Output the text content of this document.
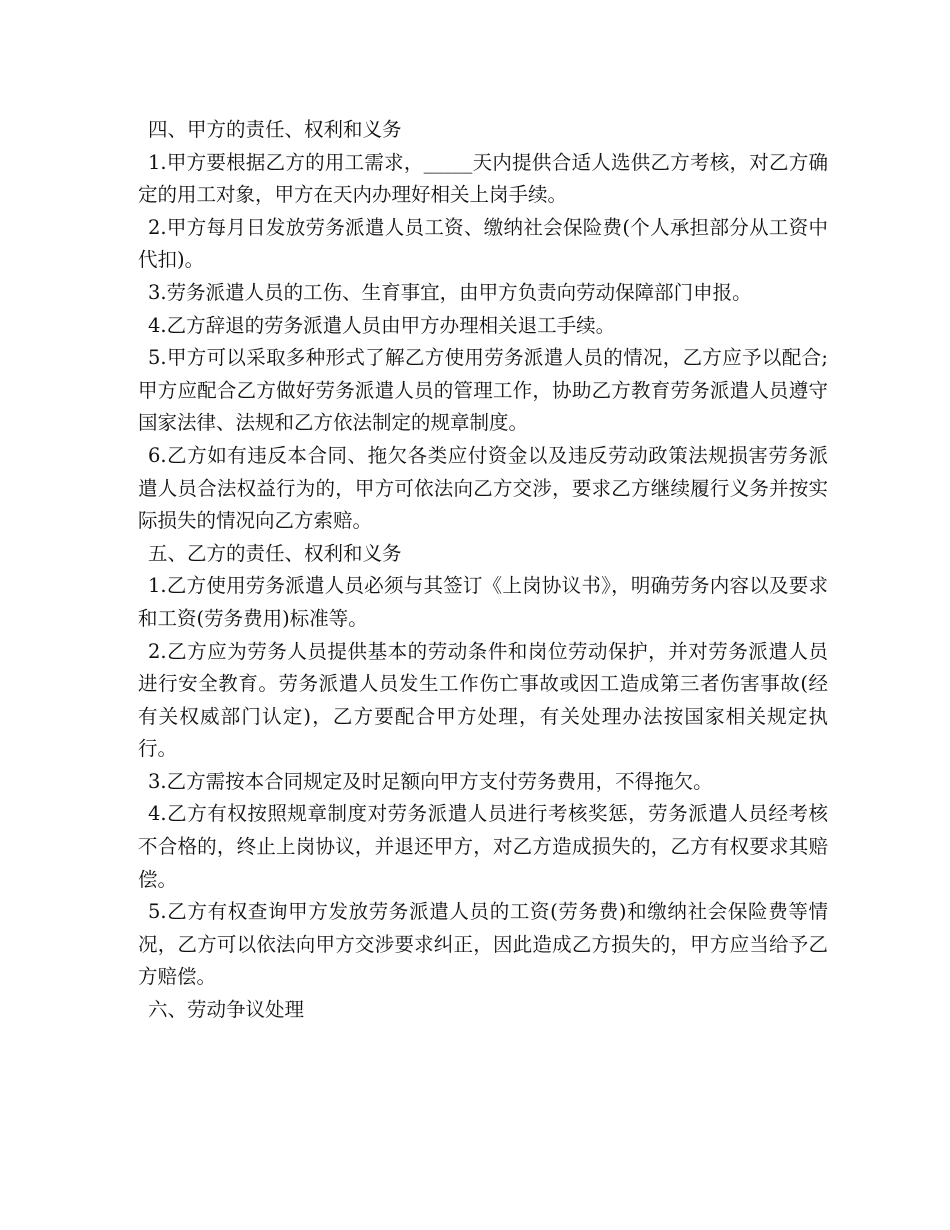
四、甲方的责任、权利和义务

1.甲方要根据乙方的用工需求，_____天内提供合适人选供乙方考核，对乙方确定的用工对象，甲方在天内办理好相关上岗手续。

2.甲方每月日发放劳务派遣人员工资、缴纳社会保险费(个人承担部分从工资中代扣)。

3.劳务派遣人员的工伤、生育事宜，由甲方负责向劳动保障部门申报。

4.乙方辞退的劳务派遣人员由甲方办理相关退工手续。

5.甲方可以采取多种形式了解乙方使用劳务派遣人员的情况，乙方应予以配合;甲方应配合乙方做好劳务派遣人员的管理工作，协助乙方教育劳务派遣人员遵守国家法律、法规和乙方依法制定的规章制度。

6.乙方如有违反本合同、拖欠各类应付资金以及违反劳动政策法规损害劳务派遣人员合法权益行为的，甲方可依法向乙方交涉，要求乙方继续履行义务并按实际损失的情况向乙方索赔。

五、乙方的责任、权利和义务

1.乙方使用劳务派遣人员必须与其签订《上岗协议书》，明确劳务内容以及要求和工资(劳务费用)标准等。

2.乙方应为劳务人员提供基本的劳动条件和岗位劳动保护，并对劳务派遣人员进行安全教育。劳务派遣人员发生工作伤亡事故或因工造成第三者伤害事故(经有关权威部门认定)，乙方要配合甲方处理，有关处理办法按国家相关规定执行。

3.乙方需按本合同规定及时足额向甲方支付劳务费用，不得拖欠。

4.乙方有权按照规章制度对劳务派遣人员进行考核奖惩，劳务派遣人员经考核不合格的，终止上岗协议，并退还甲方，对乙方造成损失的，乙方有权要求其赔偿。

5.乙方有权查询甲方发放劳务派遣人员的工资(劳务费)和缴纳社会保险费等情况，乙方可以依法向甲方交涉要求纠正，因此造成乙方损失的，甲方应当给予乙方赔偿。

六、劳动争议处理
